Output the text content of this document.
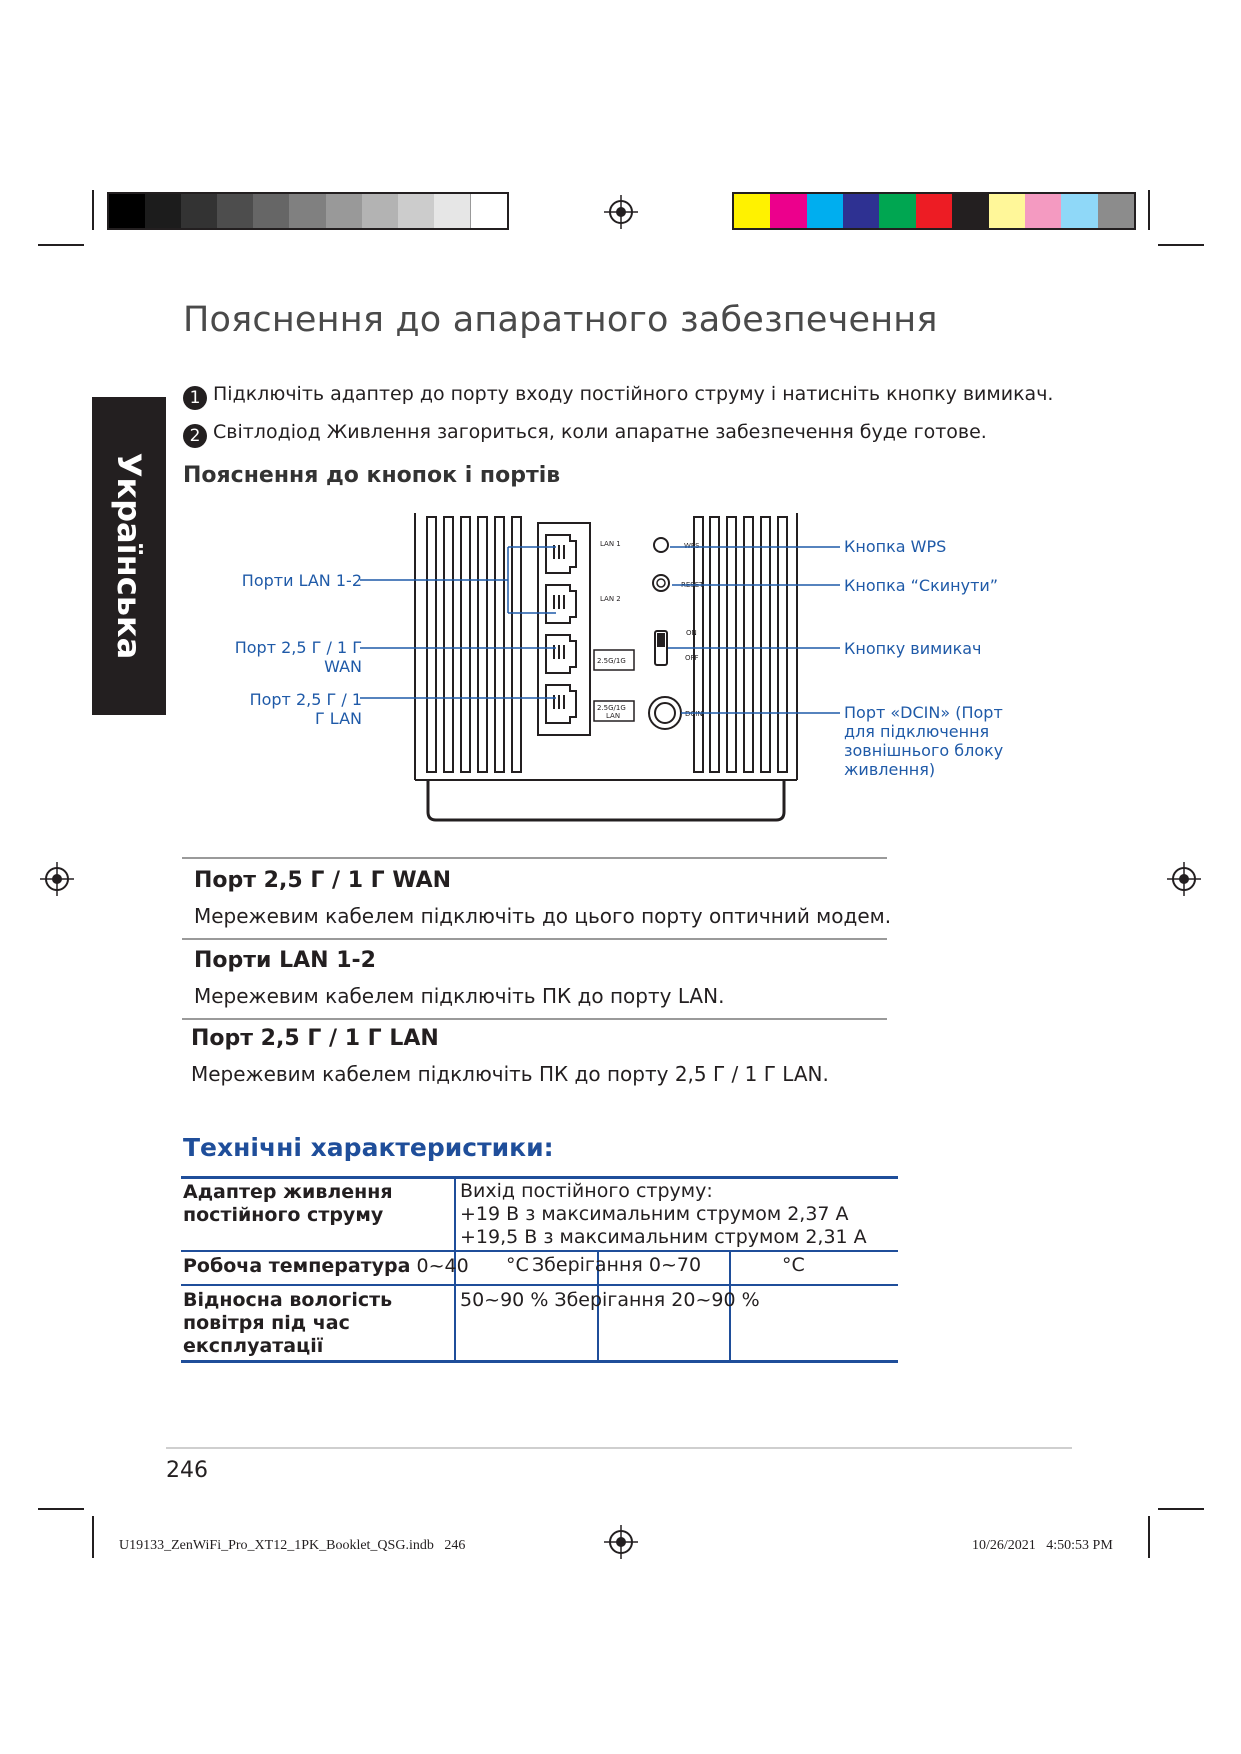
Українська
Пояснення до апаратного забезпечення
1 Підключіть адаптер до порту входу постійного струму і натисніть кнопку вимикач.
2 Світлодіод Живлення загориться, коли апаратне забезпечення буде готове.
Пояснення до кнопок і портів
LAN 1
LAN 2
2.5G/1G
2.5G/1G
LAN
WPS
RESET
ON
OFF
DCIN
Порти LAN 1-2
Порт 2,5 Г / 1 Г
WAN
Порт 2,5 Г / 1
Г LAN
Кнопка WPS
Кнопка “Скинути”
Кнопку вимикач
Порт «DCIN» (Порт
для підключення
зовнішнього блоку
живлення)
Порт 2,5 Г / 1 Г WAN
Мережевим кабелем підключіть до цього порту оптичний модем.
Порти LAN 1-2
Мережевим кабелем підключіть ПК до порту LAN.
Порт 2,5 Г / 1 Г LAN
Мережевим кабелем підключіть ПК до порту 2,5 Г / 1 Г LAN.
Технічні характеристики:
Адаптер живлення
постійного струму
Вихід постійного струму:
+19 В з максимальним струмом 2,37 А
+19,5 В з максимальним струмом 2,31 А
Робоча температура 0~40 °C Зберігання 0~70	°C
Відносна вологість
повітря під час
експлуатації
50~90 % Зберігання 20~90 %
246
U19133_ZenWiFi_Pro_XT12_1PK_Booklet_QSG.indb   246	10/26/2021   4:50:53 PM
